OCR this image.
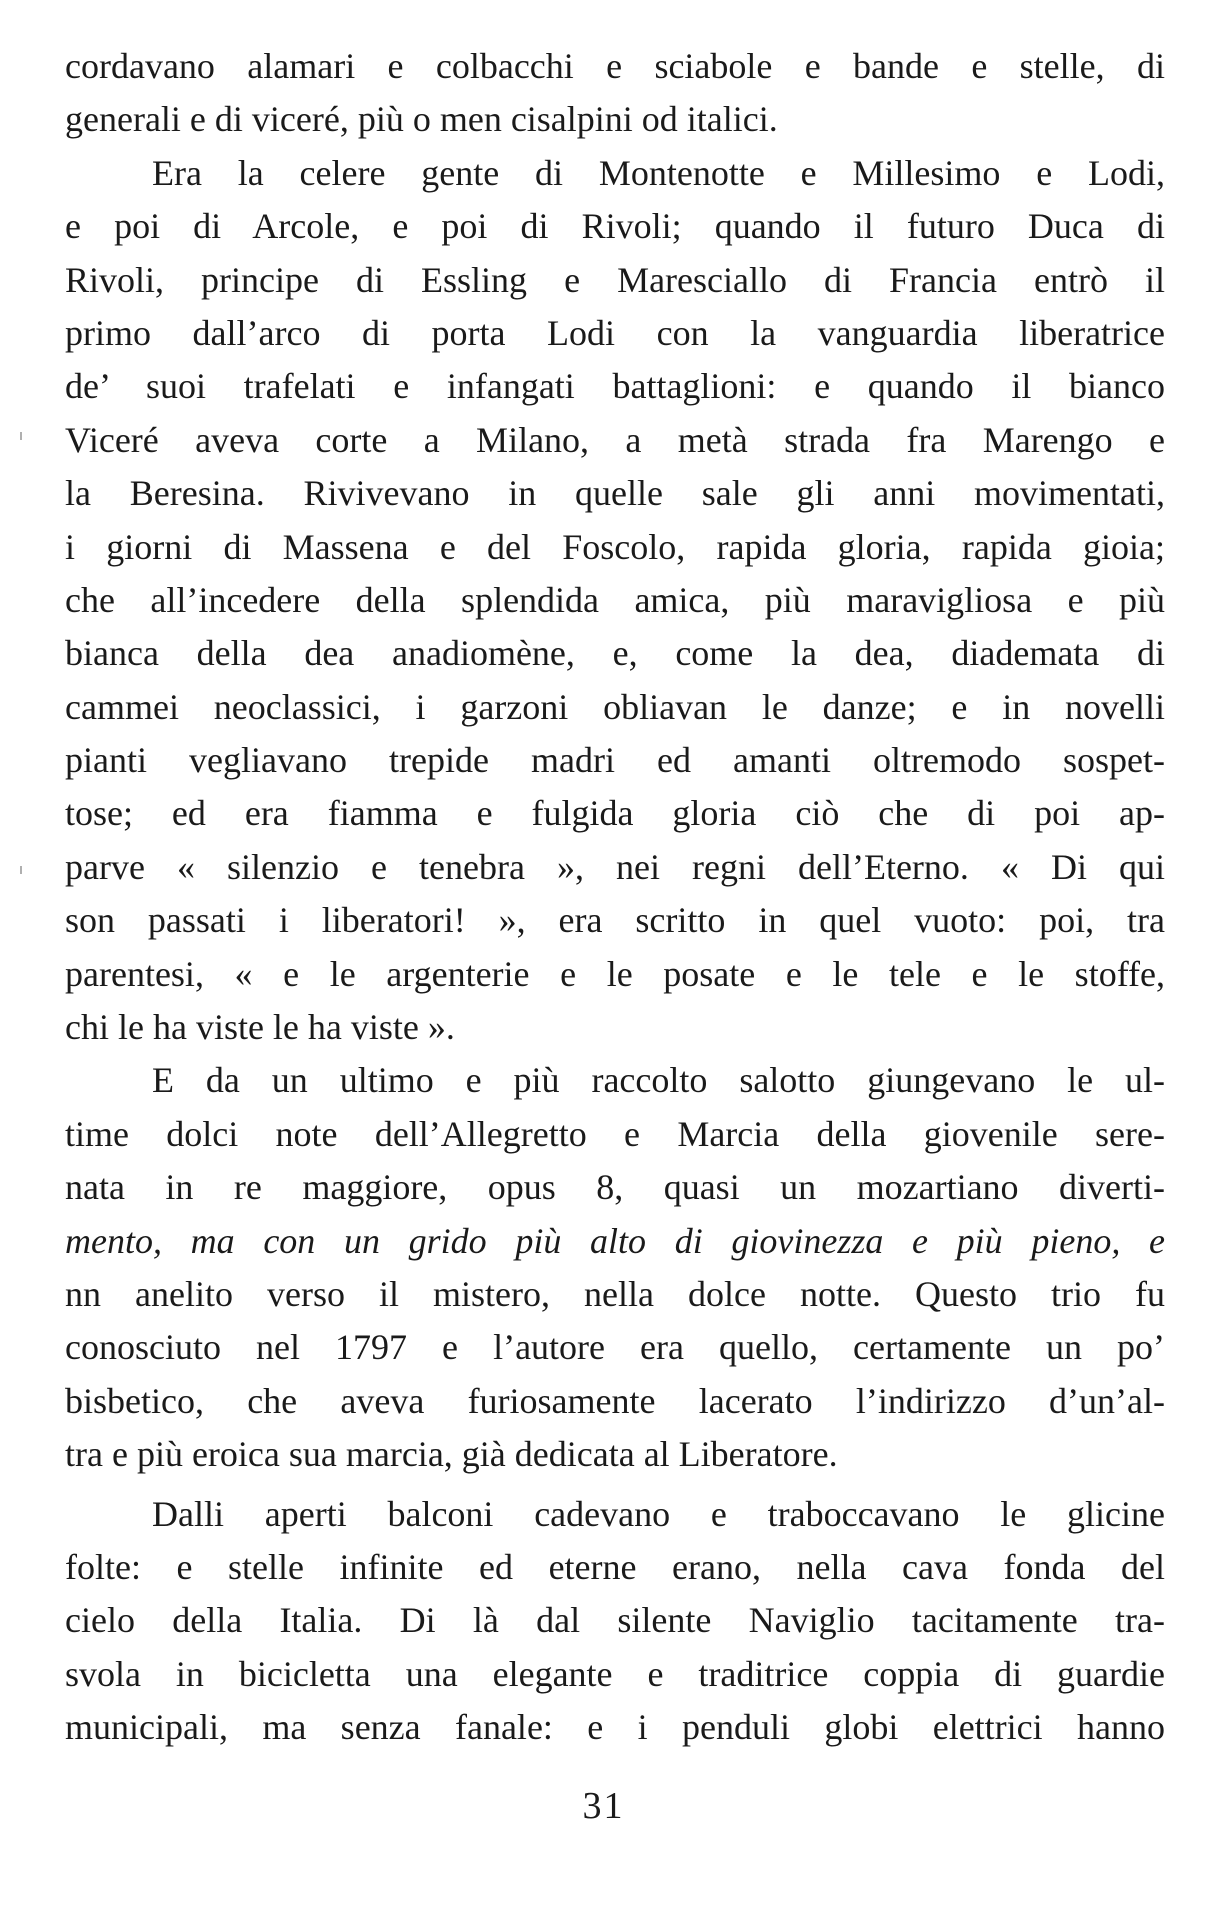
cordavano alamari e colbacchi e sciabole e bande e stelle, di
generali e di viceré, più o men cisalpini od italici.
Era la celere gente di Montenotte e Millesimo e Lodi,
e poi di Arcole, e poi di Rivoli; quando il futuro Duca di
Rivoli, principe di Essling e Maresciallo di Francia entrò il
primo dall’arco di porta Lodi con la vanguardia liberatrice
de’ suoi trafelati e infangati battaglioni: e quando il bianco
Viceré aveva corte a Milano, a metà strada fra Marengo e
la Beresina. Rivivevano in quelle sale gli anni movimentati,
i giorni di Massena e del Foscolo, rapida gloria, rapida gioia;
che all’incedere della splendida amica, più maravigliosa e più
bianca della dea anadiomène, e, come la dea, diademata di
cammei neoclassici, i garzoni obliavan le danze; e in novelli
pianti vegliavano trepide madri ed amanti oltremodo sospet-
tose; ed era fiamma e fulgida gloria ciò che di poi ap-
parve « silenzio e tenebra », nei regni dell’Eterno. « Di qui
son passati i liberatori! », era scritto in quel vuoto: poi, tra
parentesi, « e le argenterie e le posate e le tele e le stoffe,
chi le ha viste le ha viste ».
E da un ultimo e più raccolto salotto giungevano le ul-
time dolci note dell’Allegretto e Marcia della giovenile sere-
nata in re maggiore, opus 8, quasi un mozartiano diverti-
mento, ma con un grido più alto di giovinezza e più pieno, e
nn anelito verso il mistero, nella dolce notte. Questo trio fu
conosciuto nel 1797 e l’autore era quello, certamente un po’
bisbetico, che aveva furiosamente lacerato l’indirizzo d’un’al-
tra e più eroica sua marcia, già dedicata al Liberatore.
Dalli aperti balconi cadevano e traboccavano le glicine
folte: e stelle infinite ed eterne erano, nella cava fonda del
cielo della Italia. Di là dal silente Naviglio tacitamente tra-
svola in bicicletta una elegante e traditrice coppia di guardie
municipali, ma senza fanale: e i penduli globi elettrici hanno
31
